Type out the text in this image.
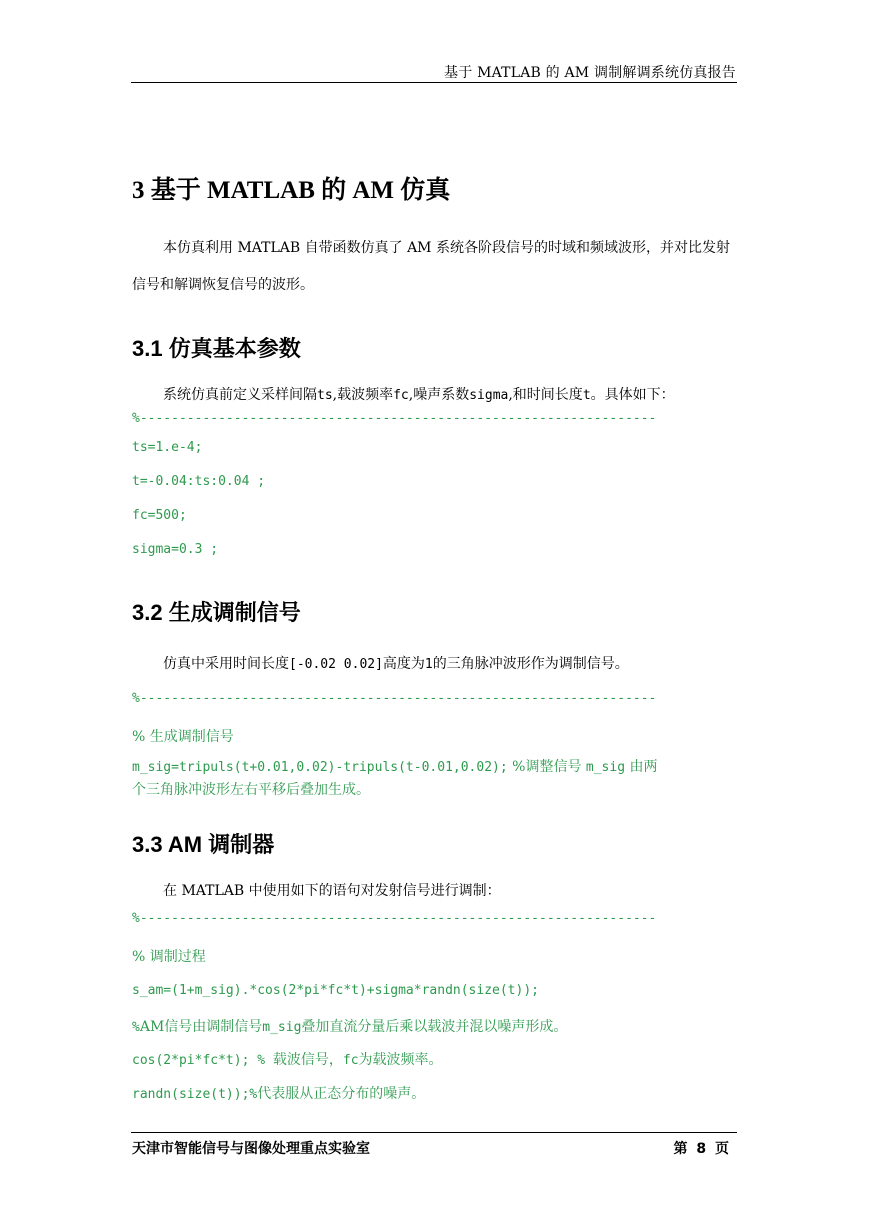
基于 MATLAB 的 AM 调制解调系统仿真报告
3 基于 MATLAB 的 AM 仿真
本仿真利用 MATLAB 自带函数仿真了 AM 系统各阶段信号的时域和频域波形，并对比发射
信号和解调恢复信号的波形。
3.1 仿真基本参数
系统仿真前定义采样间隔ts,载波频率fc,噪声系数sigma,和时间长度t。具体如下：
%------------------------------------------------------------------
ts=1.e-4;
t=-0.04:ts:0.04 ;
fc=500;
sigma=0.3 ;
3.2 生成调制信号
仿真中采用时间长度[-0.02 0.02]高度为1的三角脉冲波形作为调制信号。
%------------------------------------------------------------------
% 生成调制信号
m_sig=tripuls(t+0.01,0.02)-tripuls(t-0.01,0.02); %调整信号 m_sig 由两
个三角脉冲波形左右平移后叠加生成。
3.3 AM 调制器
在 MATLAB 中使用如下的语句对发射信号进行调制：
%------------------------------------------------------------------
% 调制过程
s_am=(1+m_sig).*cos(2*pi*fc*t)+sigma*randn(size(t));
%AM信号由调制信号m_sig叠加直流分量后乘以载波并混以噪声形成。
cos(2*pi*fc*t); % 载波信号，fc为载波频率。
randn(size(t));%代表服从正态分布的噪声。
天津市智能信号与图像处理重点实验室	第 8 页
